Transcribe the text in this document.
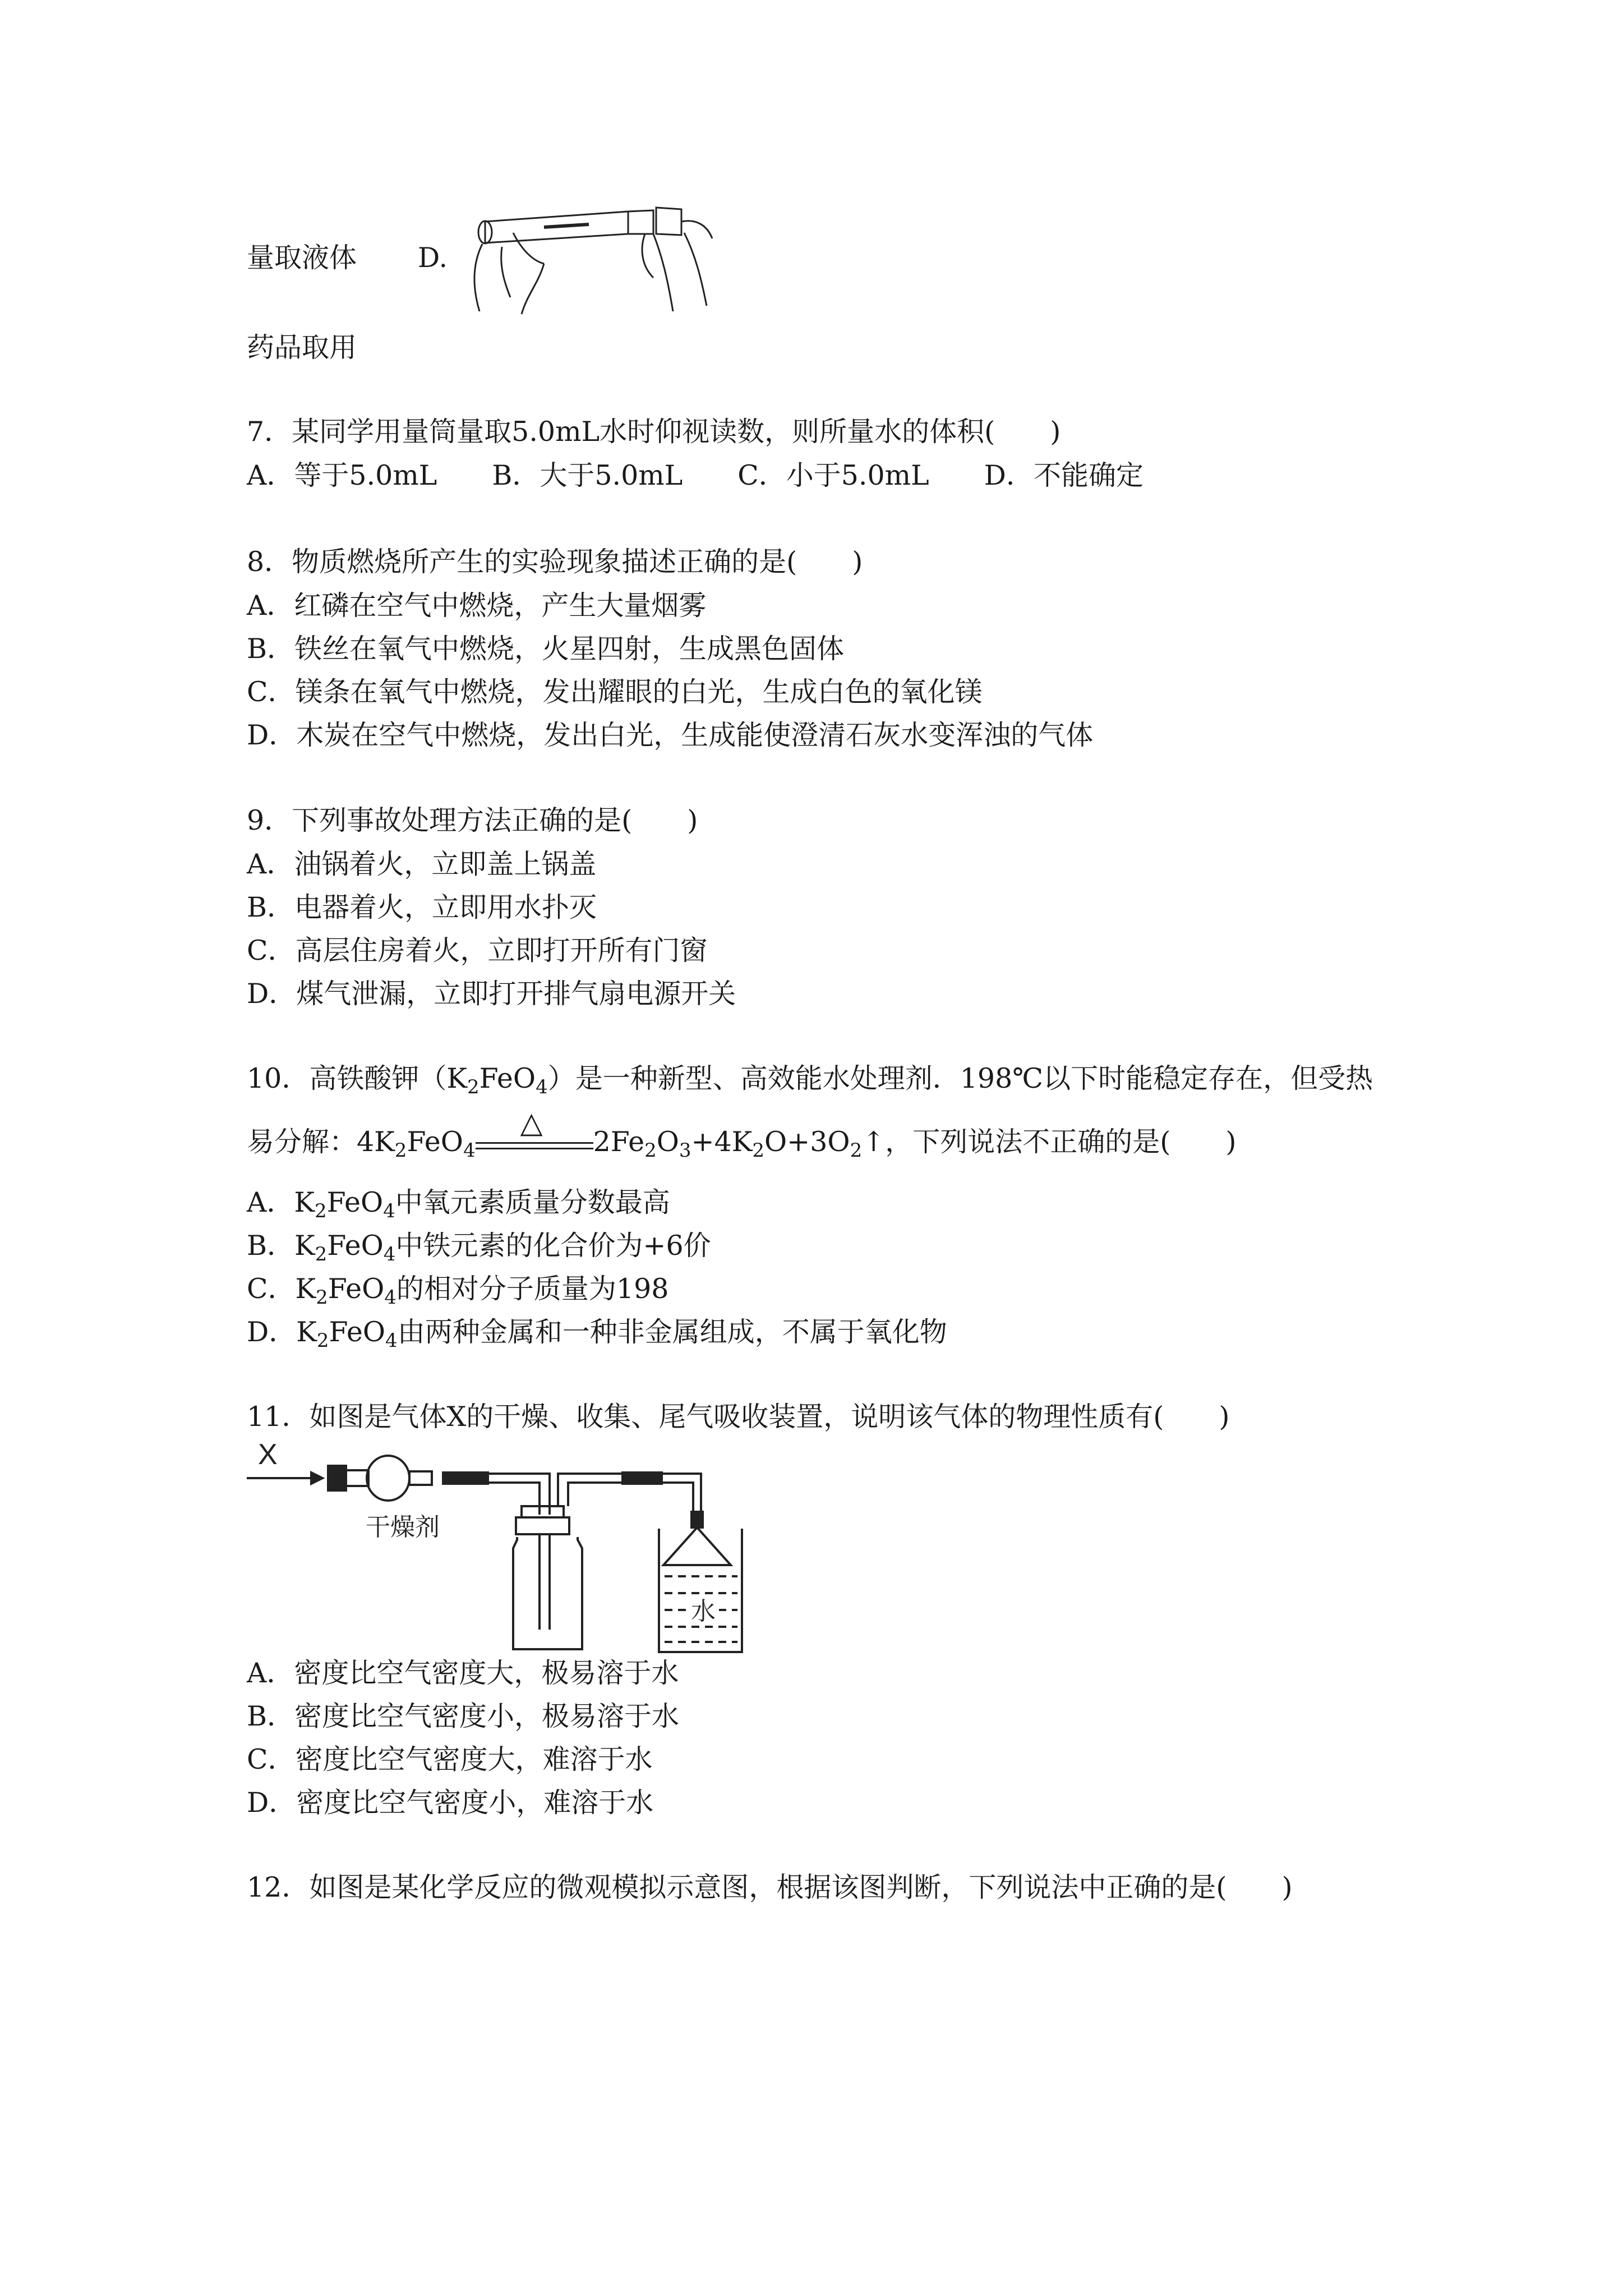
量取液体 D.
药品取用
7．某同学用量筒量取5.0mL水时仰视读数，则所量水的体积(　　)
A．等于5.0mL　　B．大于5.0mL　　C．小于5.0mL　　D．不能确定
8．物质燃烧所产生的实验现象描述正确的是(　　)
A．红磷在空气中燃烧，产生大量烟雾
B．铁丝在氧气中燃烧，火星四射，生成黑色固体
C．镁条在氧气中燃烧，发出耀眼的白光，生成白色的氧化镁
D．木炭在空气中燃烧，发出白光，生成能使澄清石灰水变浑浊的气体
9．下列事故处理方法正确的是(　　)
A．油锅着火，立即盖上锅盖
B．电器着火，立即用水扑灭
C．高层住房着火，立即打开所有门窗
D．煤气泄漏，立即打开排气扇电源开关
10．高铁酸钾$(K_2FeO_4)$是一种新型、高效能水处理剂．198℃以下时能稳定存在，但受热
易分解：$4K_2FeO_4$
△
$2Fe_2O_3+4K_2O+3O_2↑$，下列说法不正确的是(　　)
A．$K_2FeO_4$中氧元素质量分数最高
B．$K_2FeO_4$中铁元素的化合价为+6价
C．$K_2FeO_4$的相对分子质量为198
D．$K_2FeO_4$由两种金属和一种非金属组成，不属于氧化物
11．如图是气体X的干燥、收集、尾气吸收装置，说明该气体的物理性质有(　　)
X
干燥剂
水
A．密度比空气密度大，极易溶于水
B．密度比空气密度小，极易溶于水
C．密度比空气密度大，难溶于水
D．密度比空气密度小，难溶于水
12．如图是某化学反应的微观模拟示意图，根据该图判断，下列说法中正确的是(　　)
